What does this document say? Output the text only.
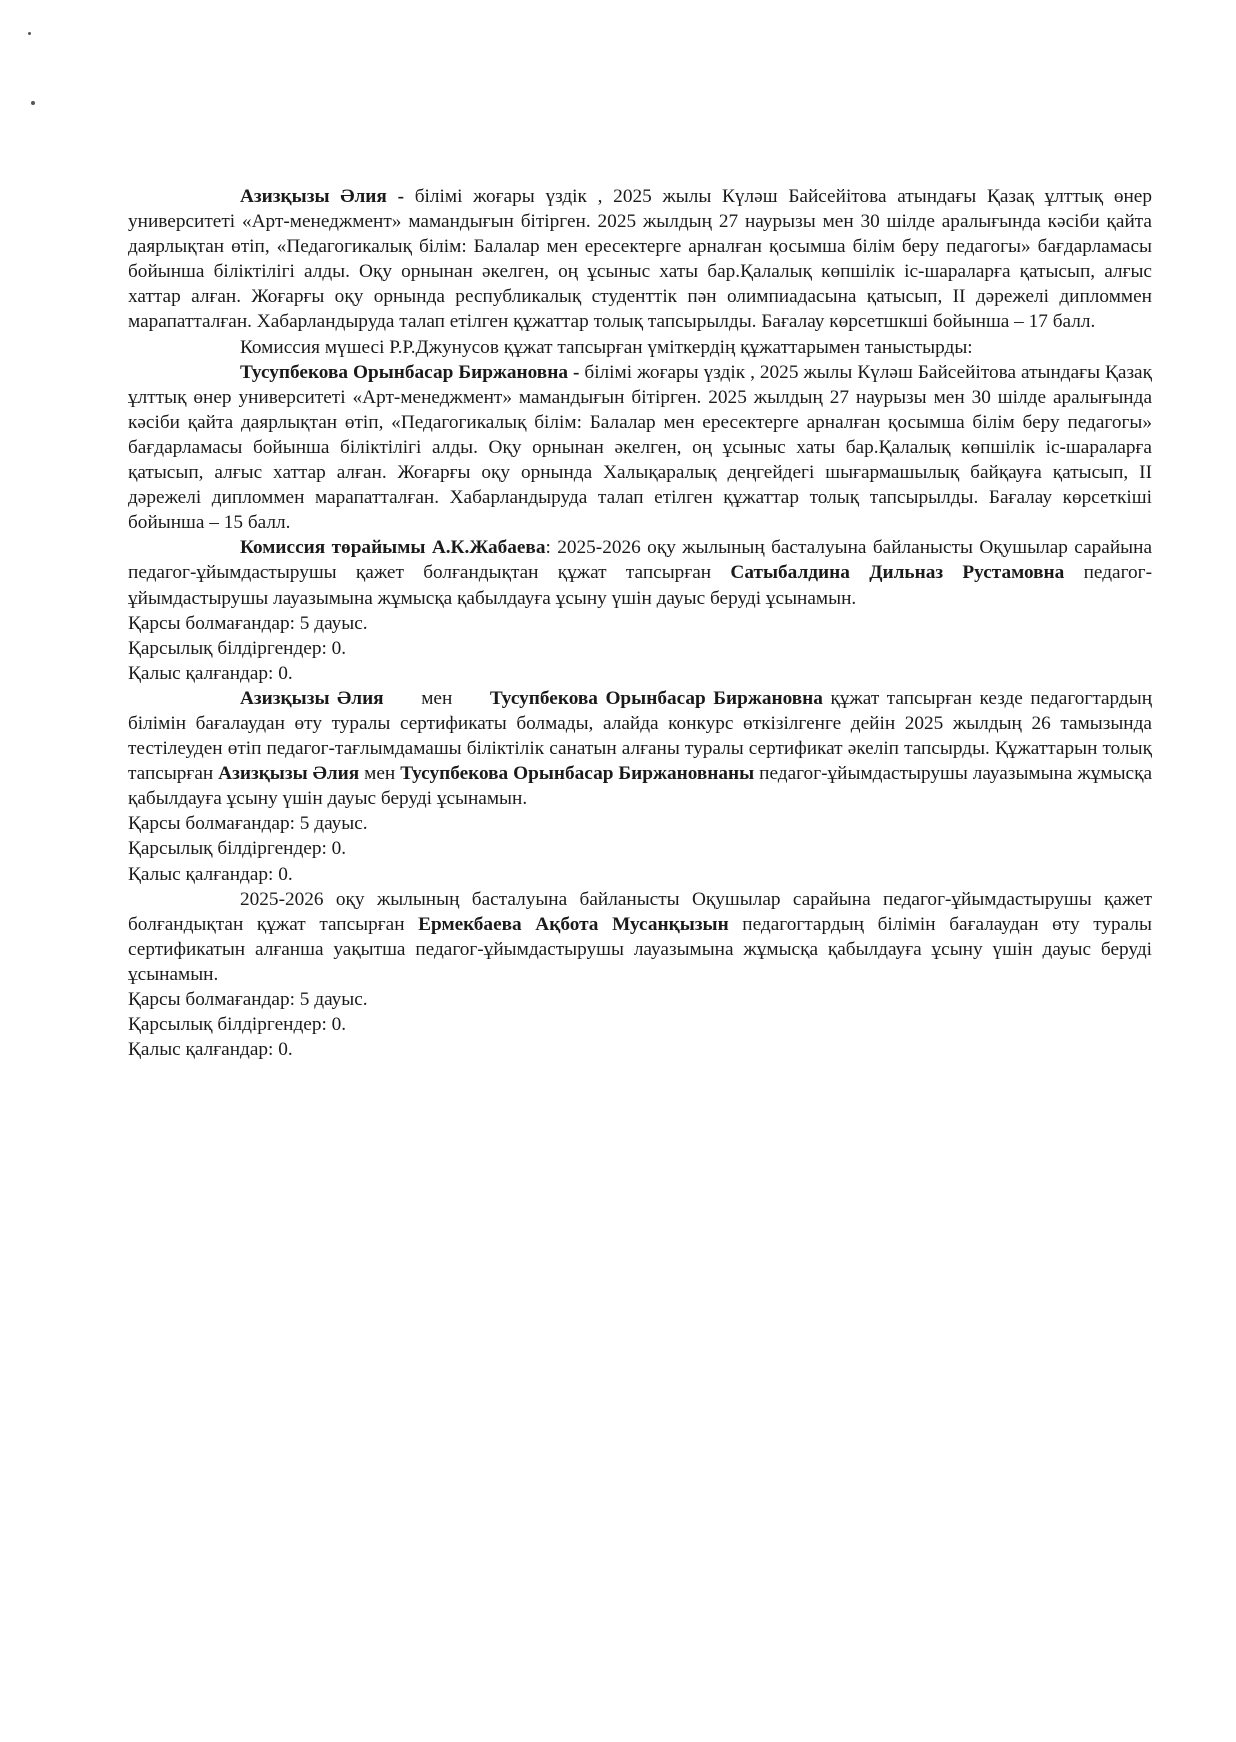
Азизқызы Әлия - білімі жоғары үздік , 2025 жылы Күләш Байсейітова атындағы Қазақ ұлттық өнер университеті «Арт-менеджмент» мамандығын бітірген. 2025 жылдың 27 наурызы мен 30 шілде аралығында кәсіби қайта даярлықтан өтіп, «Педагогикалық білім: Балалар мен ересектерге арналған қосымша білім беру педагогы» бағдарламасы бойынша біліктілігі алды. Оқу орнынан әкелген, оң ұсыныс хаты бар.Қалалық көпшілік іс-шараларға қатысып, алғыс хаттар алған. Жоғарғы оқу орнында республикалық студенттік пән олимпиадасына қатысып, II дәрежелі дипломмен марапатталған. Хабарландыруда талап етілген құжаттар толық тапсырылды. Бағалау көрсетшкші бойынша – 17 балл.

Комиссия мүшесі Р.Р.Джунусов құжат тапсырған үміткердің құжаттарымен таныстырды:

Тусупбекова Орынбасар Биржановна - білімі жоғары үздік , 2025 жылы Күләш Байсейітова атындағы Қазақ ұлттық өнер университеті «Арт-менеджмент» мамандығын бітірген. 2025 жылдың 27 наурызы мен 30 шілде аралығында кәсіби қайта даярлықтан өтіп, «Педагогикалық білім: Балалар мен ересектерге арналған қосымша білім беру педагогы» бағдарламасы бойынша біліктілігі алды. Оқу орнынан әкелген, оң ұсыныс хаты бар.Қалалық көпшілік іс-шараларға қатысып, алғыс хаттар алған. Жоғарғы оқу орнында Халықаралық деңгейдегі шығармашылық байқауға қатысып, II дәрежелі дипломмен марапатталған. Хабарландыруда талап етілген құжаттар толық тапсырылды. Бағалау көрсеткіші бойынша – 15 балл.

Комиссия төрайымы А.К.Жабаева: 2025-2026 оқу жылының басталуына байланысты Оқушылар сарайына педагог-ұйымдастырушы қажет болғандықтан құжат тапсырған Сатыбалдина Дильназ Рустамовна педагог-ұйымдастырушы лауазымына жұмысқа қабылдауға ұсыну үшін дауыс беруді ұсынамын.

Қарсы болмағандар: 5 дауыс.

Қарсылық білдіргендер: 0.

Қалыс қалғандар: 0.

Азизқызы Әлия     мен     Тусупбекова Орынбасар Биржановна құжат тапсырған кезде педагогтардың білімін бағалаудан өту туралы сертификаты болмады, алайда конкурс өткізілгенге дейін 2025 жылдың 26 тамызында тестілеуден өтіп педагог-тағлымдамашы біліктілік санатын алғаны туралы сертификат әкеліп тапсырды. Құжаттарын толық тапсырған Азизқызы Әлия мен Тусупбекова Орынбасар Биржановнаны педагог-ұйымдастырушы лауазымына жұмысқа қабылдауға ұсыну үшін дауыс беруді ұсынамын.

Қарсы болмағандар: 5 дауыс.

Қарсылық білдіргендер: 0.

Қалыс қалғандар: 0.

2025-2026 оқу жылының басталуына байланысты Оқушылар сарайына педагог-ұйымдастырушы қажет болғандықтан құжат тапсырған Ермекбаева Ақбота Мусанқызын педагогтардың білімін бағалаудан өту туралы сертификатын алғанша уақытша педагог-ұйымдастырушы лауазымына жұмысқа қабылдауға ұсыну үшін дауыс беруді ұсынамын.

Қарсы болмағандар: 5 дауыс.

Қарсылық білдіргендер: 0.

Қалыс қалғандар: 0.
